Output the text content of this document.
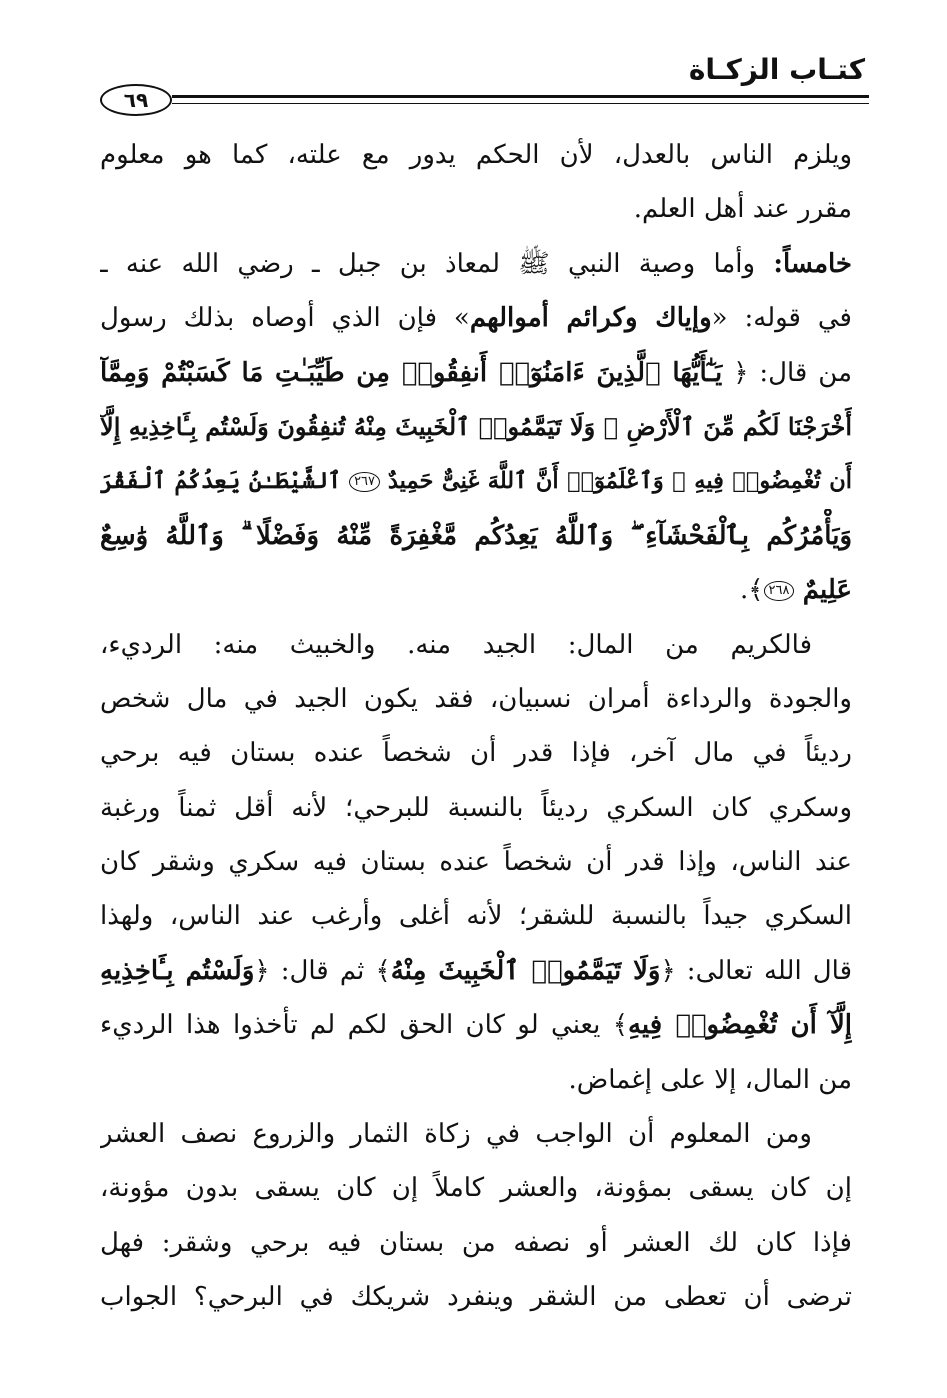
كتـاب الزكـاة
٦٩
ويلزم الناس بالعدل، لأن الحكم يدور مع علته، كما هو معلوم
مقرر عند أهل العلم.
خامساً: وأما وصية النبي ﷺ لمعاذ بن جبل ـ رضي الله عنه ـ
في قوله: «وإياك وكرائم أموالهم» فإن الذي أوصاه بذلك رسول
من قال: ﴿ يَـٰٓأَيُّهَا ٱلَّذِينَ ءَامَنُوٓا۟ أَنفِقُوا۟ مِن طَيِّبَـٰتِ مَا كَسَبْتُمْ وَمِمَّآ
أَخْرَجْنَا لَكُم مِّنَ ٱلْأَرْضِ ۖ وَلَا تَيَمَّمُوا۟ ٱلْخَبِيثَ مِنْهُ تُنفِقُونَ وَلَسْتُم بِـَٔاخِذِيهِ إِلَّآ
أَن تُغْمِضُوا۟ فِيهِ ۚ وَٱعْلَمُوٓا۟ أَنَّ ٱللَّهَ غَنِىٌّ حَمِيدٌ ٢٦٧ ٱلشَّيْطَـٰنُ يَعِدُكُمُ ٱلْفَقْرَ
وَيَأْمُرُكُم بِٱلْفَحْشَآءِ ۖ وَٱللَّهُ يَعِدُكُم مَّغْفِرَةً مِّنْهُ وَفَضْلًا ۗ وَٱللَّهُ وَٰسِعٌ
عَلِيمٌ ٢٦٨﴾.
فالكريم من المال: الجيد منه. والخبيث منه: الرديء،
والجودة والرداءة أمران نسبيان، فقد يكون الجيد في مال شخص
رديئاً في مال آخر، فإذا قدر أن شخصاً عنده بستان فيه برحي
وسكري كان السكري رديئاً بالنسبة للبرحي؛ لأنه أقل ثمناً ورغبة
عند الناس، وإذا قدر أن شخصاً عنده بستان فيه سكري وشقر كان
السكري جيداً بالنسبة للشقر؛ لأنه أغلى وأرغب عند الناس، ولهذا
قال الله تعالى: ﴿وَلَا تَيَمَّمُوا۟ ٱلْخَبِيثَ مِنْهُ﴾ ثم قال: ﴿وَلَسْتُم بِـَٔاخِذِيهِ
إِلَّآ أَن تُغْمِضُوا۟ فِيهِ﴾ يعني لو كان الحق لكم لم تأخذوا هذا الرديء
من المال، إلا على إغماض.
ومن المعلوم أن الواجب في زكاة الثمار والزروع نصف العشر
إن كان يسقى بمؤونة، والعشر كاملاً إن كان يسقى بدون مؤونة،
فإذا كان لك العشر أو نصفه من بستان فيه برحي وشقر: فهل
ترضى أن تعطى من الشقر وينفرد شريكك في البرحي؟ الجواب
